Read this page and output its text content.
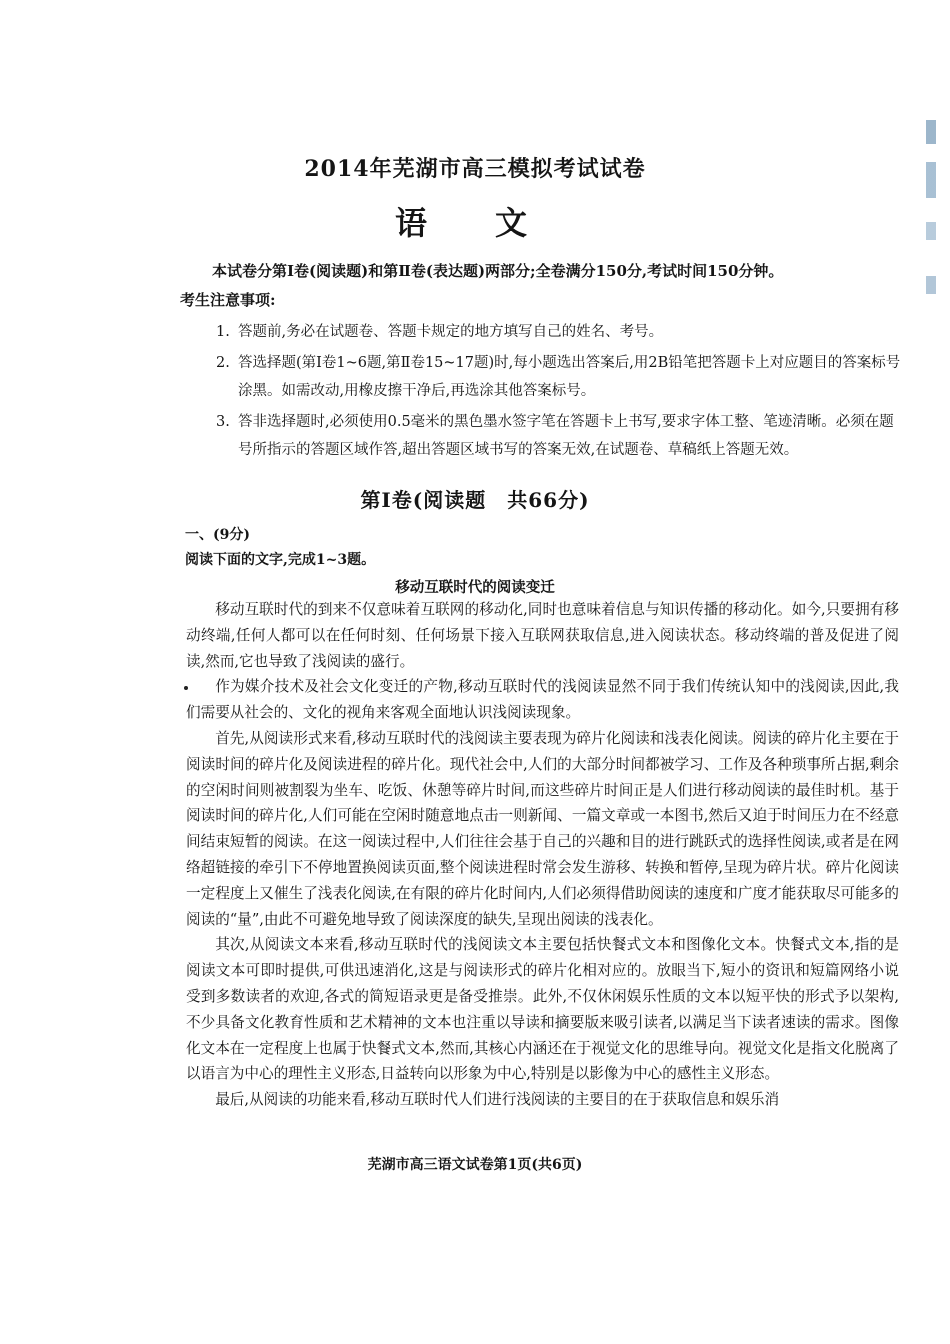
2014年芜湖市高三模拟考试试卷
语文
本试卷分第Ⅰ卷(阅读题)和第Ⅱ卷(表达题)两部分;全卷满分150分,考试时间150分钟。
考生注意事项:
1. 答题前,务必在试题卷、答题卡规定的地方填写自己的姓名、考号。
2. 答选择题(第Ⅰ卷1~6题,第Ⅱ卷15~17题)时,每小题选出答案后,用2B铅笔把答题卡上对应题目的答案标号涂黑。如需改动,用橡皮擦干净后,再选涂其他答案标号。
3. 答非选择题时,必须使用0.5毫米的黑色墨水签字笔在答题卡上书写,要求字体工整、笔迹清晰。必须在题号所指示的答题区域作答,超出答题区域书写的答案无效,在试题卷、草稿纸上答题无效。
第Ⅰ卷(阅读题　共66分)
一、(9分)
阅读下面的文字,完成1~3题。
移动互联时代的阅读变迁

移动互联时代的到来不仅意味着互联网的移动化,同时也意味着信息与知识传播的移动化。如今,只要拥有移动终端,任何人都可以在任何时刻、任何场景下接入互联网获取信息,进入阅读状态。移动终端的普及促进了阅读,然而,它也导致了浅阅读的盛行。

作为媒介技术及社会文化变迁的产物,移动互联时代的浅阅读显然不同于我们传统认知中的浅阅读,因此,我们需要从社会的、文化的视角来客观全面地认识浅阅读现象。

首先,从阅读形式来看,移动互联时代的浅阅读主要表现为碎片化阅读和浅表化阅读。阅读的碎片化主要在于阅读时间的碎片化及阅读进程的碎片化。现代社会中,人们的大部分时间都被学习、工作及各种琐事所占据,剩余的空闲时间则被割裂为坐车、吃饭、休憩等碎片时间,而这些碎片时间正是人们进行移动阅读的最佳时机。基于阅读时间的碎片化,人们可能在空闲时随意地点击一则新闻、一篇文章或一本图书,然后又迫于时间压力在不经意间结束短暂的阅读。在这一阅读过程中,人们往往会基于自己的兴趣和目的进行跳跃式的选择性阅读,或者是在网络超链接的牵引下不停地置换阅读页面,整个阅读进程时常会发生游移、转换和暂停,呈现为碎片状。碎片化阅读一定程度上又催生了浅表化阅读,在有限的碎片化时间内,人们必须得借助阅读的速度和广度才能获取尽可能多的阅读的“量”,由此不可避免地导致了阅读深度的缺失,呈现出阅读的浅表化。

其次,从阅读文本来看,移动互联时代的浅阅读文本主要包括快餐式文本和图像化文本。快餐式文本,指的是阅读文本可即时提供,可供迅速消化,这是与阅读形式的碎片化相对应的。放眼当下,短小的资讯和短篇网络小说受到多数读者的欢迎,各式的简短语录更是备受推崇。此外,不仅休闲娱乐性质的文本以短平快的形式予以架构,不少具备文化教育性质和艺术精神的文本也注重以导读和摘要版来吸引读者,以满足当下读者速读的需求。图像化文本在一定程度上也属于快餐式文本,然而,其核心内涵还在于视觉文化的思维导向。视觉文化是指文化脱离了以语言为中心的理性主义形态,日益转向以形象为中心,特别是以影像为中心的感性主义形态。

最后,从阅读的功能来看,移动互联时代人们进行浅阅读的主要目的在于获取信息和娱乐消

芜湖市高三语文试卷第1页(共6页)
